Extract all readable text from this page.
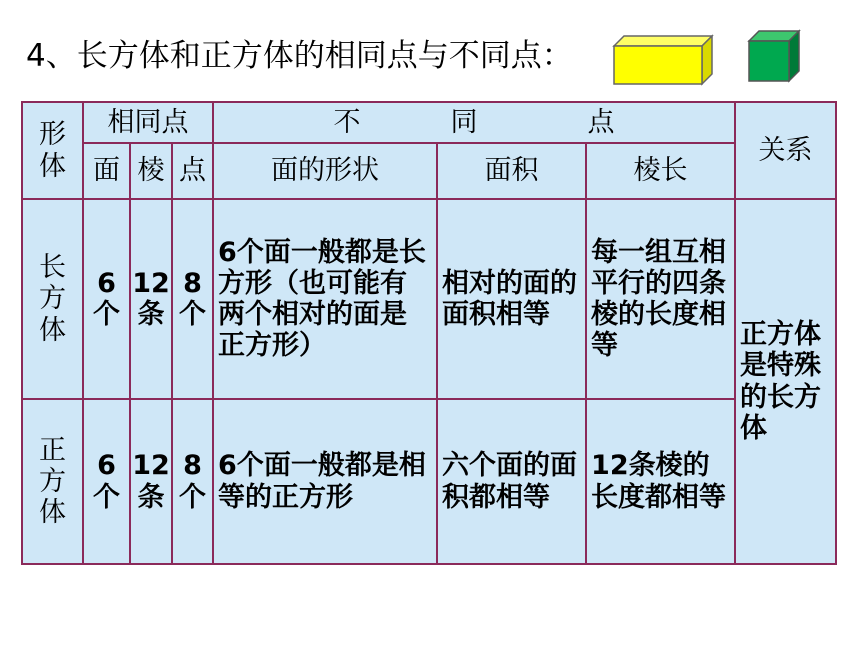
4、长方体和正方体的相同点与不同点：
形体	相同点			不 同 点			关系
	面	棱	点	面的形状	面积	棱长	

长方体	6个	12条	8个	6个面一般都是长方形（也可能有两个相对的面是正方形）	相对的面的面积相等	每一组互相平行的四条棱的长度相等	正方体是特殊的长方体

正方体	6个	12条	8个	6个面一般都是相等的正方形	六个面的面积都相等	12条棱的长度都相等	
